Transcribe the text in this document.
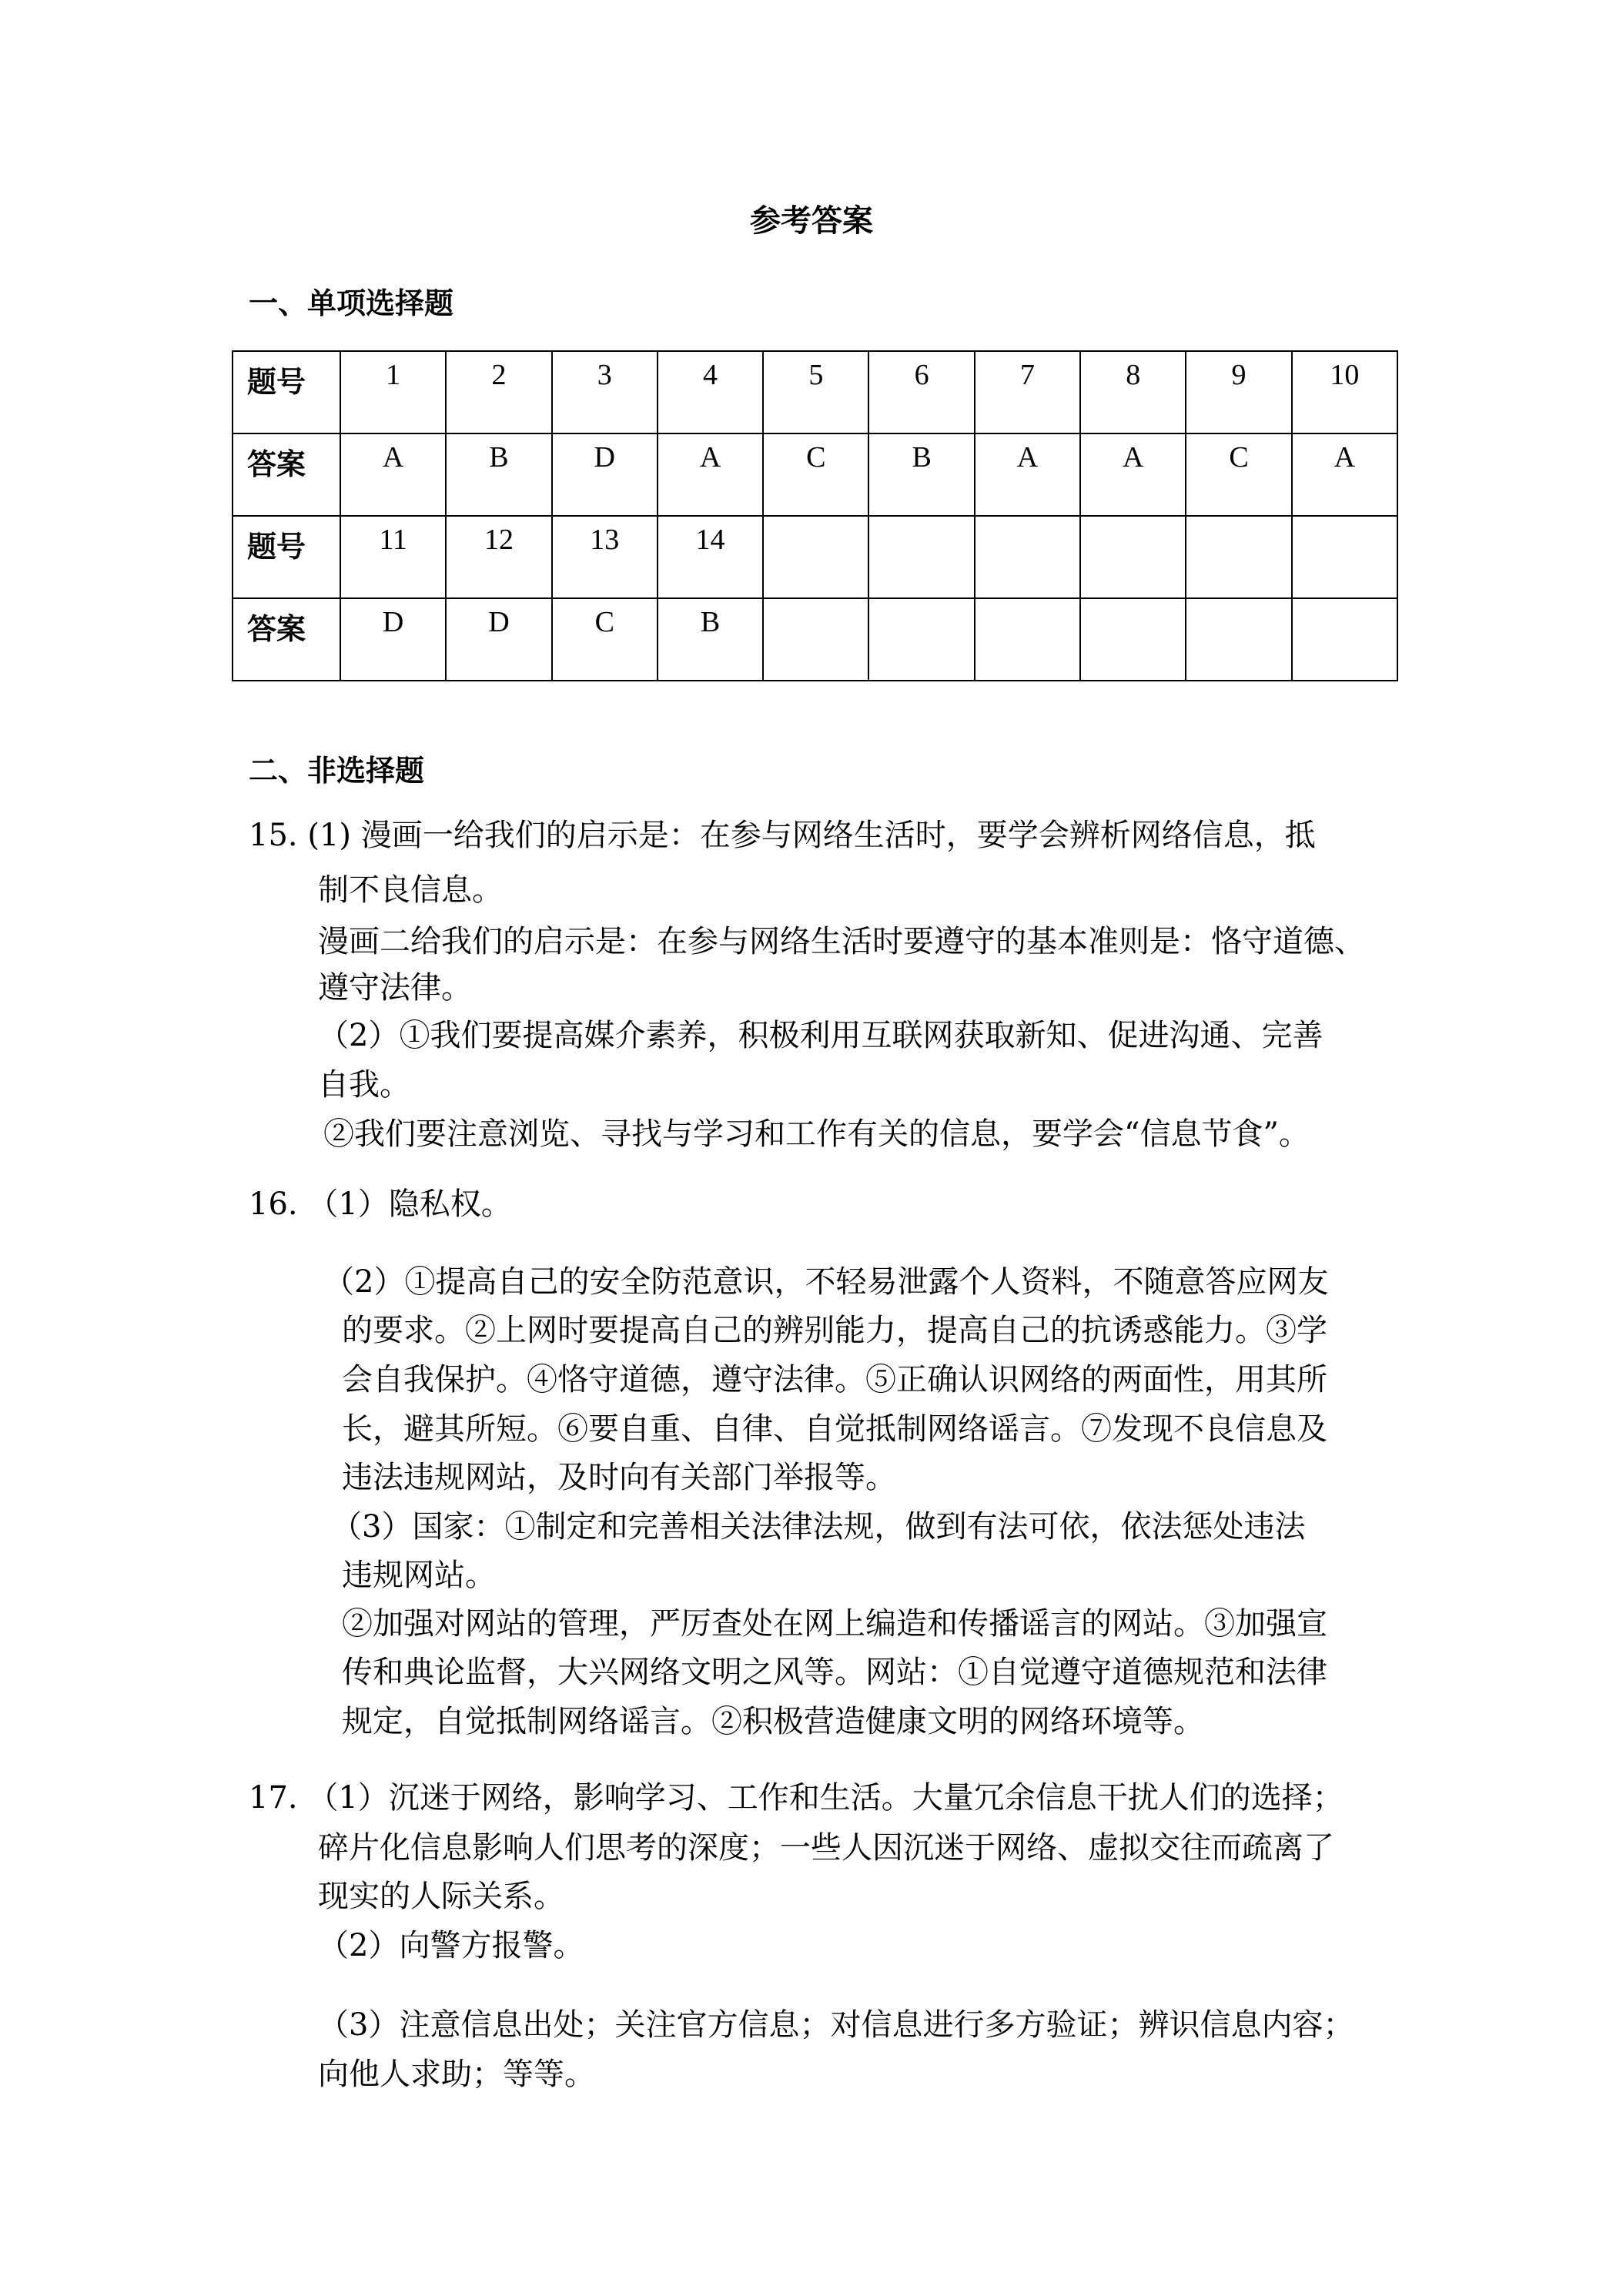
参考答案
一、单项选择题
题号	1	2	3	4	5	6	7	8	9	10
答案	A	B	D	A	C	B	A	A	C	A
题号	11	12	13	14						
答案	D	D	C	B						
二、非选择题
15. (1) 漫画一给我们的启示是：在参与网络生活时，要学会辨析网络信息，抵
制不良信息。
漫画二给我们的启示是：在参与网络生活时要遵守的基本准则是：恪守道德、
遵守法律。
（2）①我们要提高媒介素养，积极利用互联网获取新知、促进沟通、完善
自我。
②我们要注意浏览、寻找与学习和工作有关的信息，要学会“信息节食”。
16. （1）隐私权。
（2）①提高自己的安全防范意识，不轻易泄露个人资料，不随意答应网友
的要求。②上网时要提高自己的辨别能力，提高自己的抗诱惑能力。③学
会自我保护。④恪守道德，遵守法律。⑤正确认识网络的两面性，用其所
长，避其所短。⑥要自重、自律、自觉抵制网络谣言。⑦发现不良信息及
违法违规网站，及时向有关部门举报等。
（3）国家：①制定和完善相关法律法规，做到有法可依，依法惩处违法
违规网站。
②加强对网站的管理，严厉查处在网上编造和传播谣言的网站。③加强宣
传和典论监督，大兴网络文明之风等。网站：①自觉遵守道德规范和法律
规定，自觉抵制网络谣言。②积极营造健康文明的网络环境等。
17. （1）沉迷于网络，影响学习、工作和生活。大量冗余信息干扰人们的选择；
碎片化信息影响人们思考的深度；一些人因沉迷于网络、虚拟交往而疏离了
现实的人际关系。
（2）向警方报警。
（3）注意信息出处；关注官方信息；对信息进行多方验证；辨识信息内容；
向他人求助；等等。
